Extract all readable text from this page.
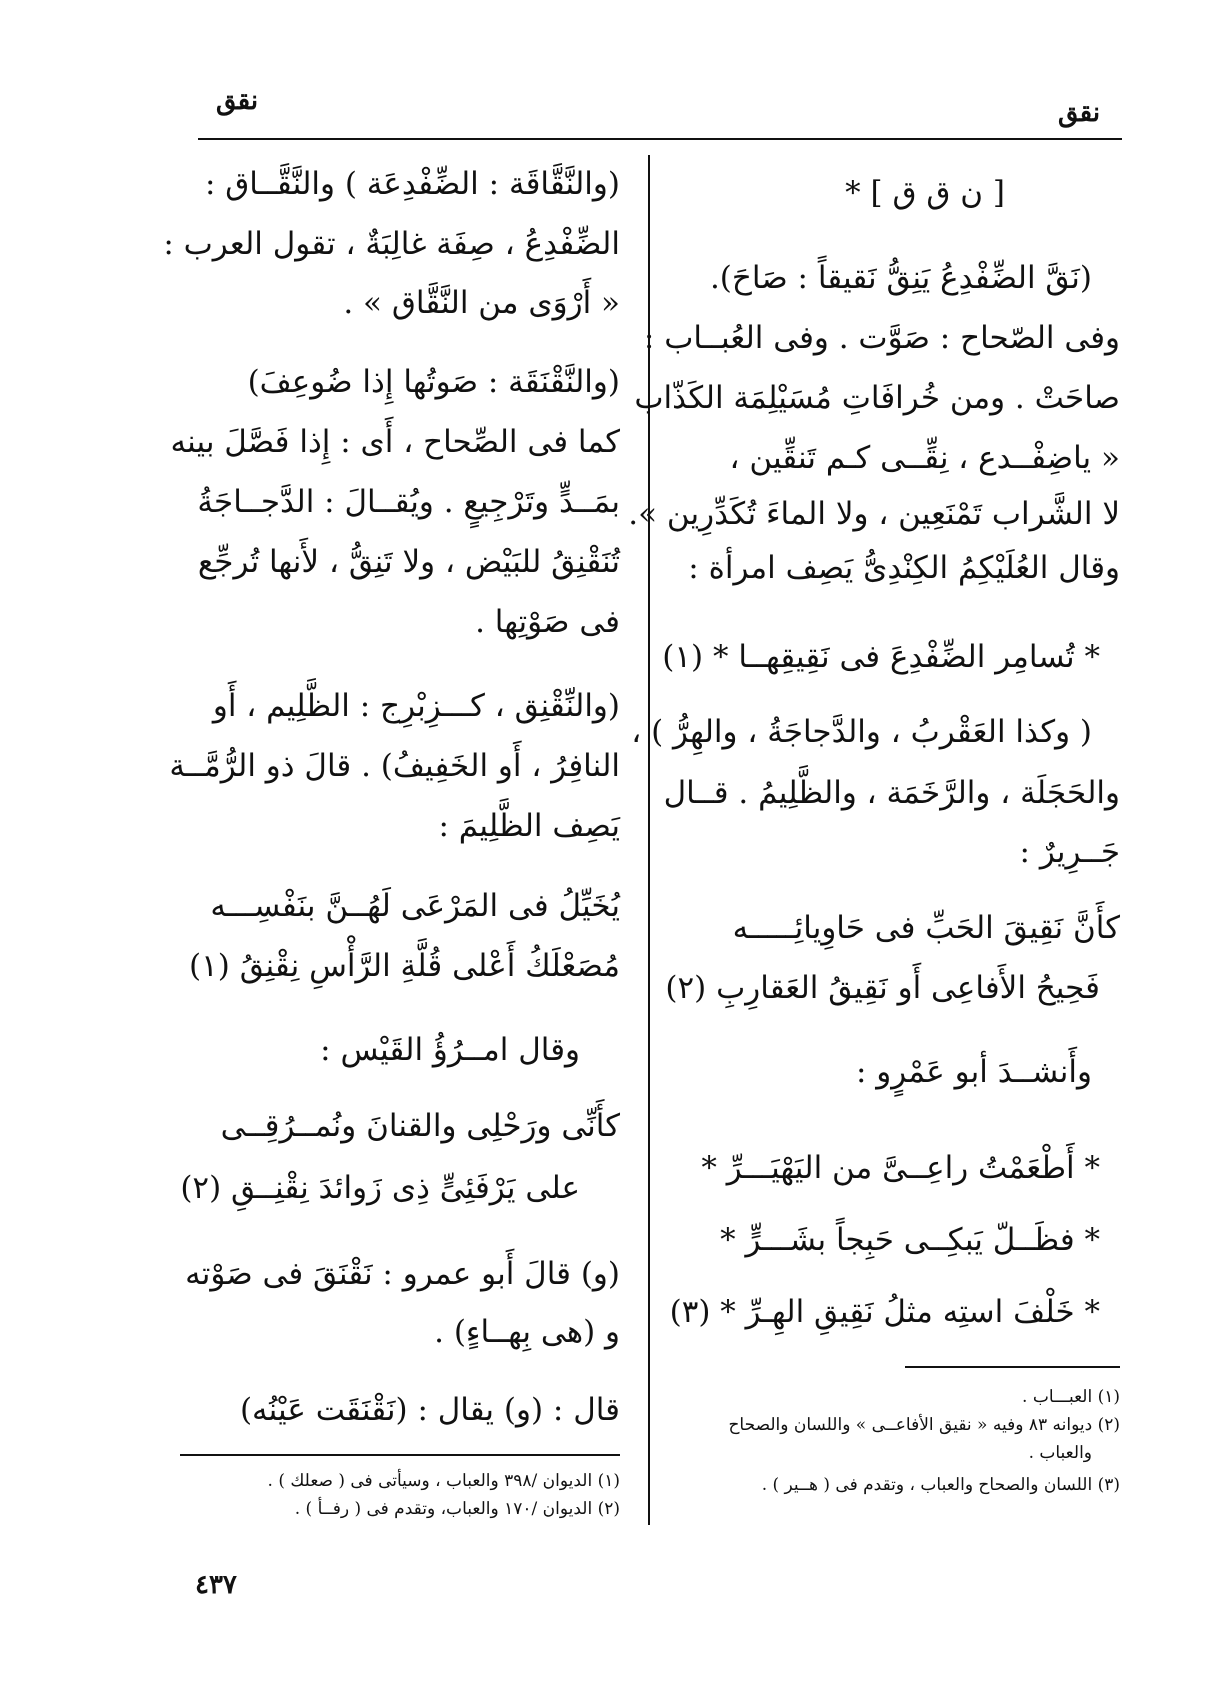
نقق	نقق
[ ن ق ق ] *
(نَقَّ الضِّفْدِعُ يَنِقُّ نَقيقاً : صَاحَ).
وفى الصّحاح : صَوَّت . وفى العُبــاب :
صاحَتْ . ومن خُرافَاتِ مُسَيْلِمَة الكَذّاب
« ياضِفْــدع ، نِقِّــى كـم تَنقِّين ،
لا الشَّراب تَمْنَعِين ، ولا الماءَ تُكَدِّرِين ».
وقال العُلَيْكِمُ الكِنْدِىُّ يَصِف امرأة :
* تُسامِر الضِّفْدِعَ فى نَقِيقِهــا * (١)
( وكذا العَقْربُ ، والدَّجاجَةُ ، والهِرُّ ) ،
والحَجَلَة ، والرَّخَمَة ، والظَّلِيمُ . قــال
جَــرِيرٌ :
كأَنَّ نَقِيقَ الحَبِّ فى حَاوِيائِـــــه
فَحِيحُ الأَفاعِى أَو نَقِيقُ العَقارِبِ (٢)
وأَنشــدَ أبو عَمْرٍو :
* أَطْعَمْتُ راعِــىَّ من اليَهْيَـــرِّ *
* فظَــلّ يَبكِــى حَبِجاً بشَـــرٍّ *
* خَلْفَ استِه مثلُ نَقِيقِ الهِـرِّ * (٣)
(١) العبـــاب .
(٢) ديوانه ٨٣ وفيه « نقيق الأفاعــى » واللسان والصحاح
والعباب .
(٣) اللسان والصحاح والعباب ، وتقدم فى ( هــير ) .
(والنَّقَّاقَة : الضِّفْدِعَة ) والنَّقَّــاق :
الضِّفْدِعُ ، صِفَة غالِبَةٌ ، تقول العرب :
« أَرْوَى من النَّقَّاق » .
(والنَّقْنَقَة : صَوتُها إِذا ضُوعِفَ)
كما فى الصِّحاح ، أَى : إِذا فَصَّلَ بينه
بمَــدٍّ وتَرْجِيعٍ . ويُقــالَ : الدَّجــاجَةُ
تُنَقْنِقُ للبَيْض ، ولا تَنِقُّ ، لأَنها تُرجِّع
فى صَوْتِها .
(والنِّقْنِق ، كـــزِبْرِج : الظَّلِيم ، أَو
النافِرُ ، أَو الخَفِيفُ) . قالَ ذو الرُّمَّــة
يَصِف الظَّلِيمَ :
يُخَيِّلُ فى المَرْعَى لَهُــنَّ بنَفْسِـــه
مُصَعْلَكُ أَعْلى قُلَّةِ الرَّأْسِ نِقْنِقُ (١)
وقال امــرُؤُ القَيْس :
كأَنِّى ورَحْلِى والقنانَ ونُمــرُقِــى
على يَرْفَئِىٍّ ذِى زَوائدَ نِقْنِــقِ (٢)
(و) قالَ أَبو عمرو : نَقْنَقَ فى صَوْته
و (هى بِهــاءٍ) .
قال : (و) يقال : (نَقْنَقَت عَيْنُه)
(١) الديوان /٣٩٨ والعباب ، وسيأتى فى ( صعلك ) .
(٢) الديوان /١٧٠ والعباب، وتقدم فى ( رفــأ ) .
٤٣٧
